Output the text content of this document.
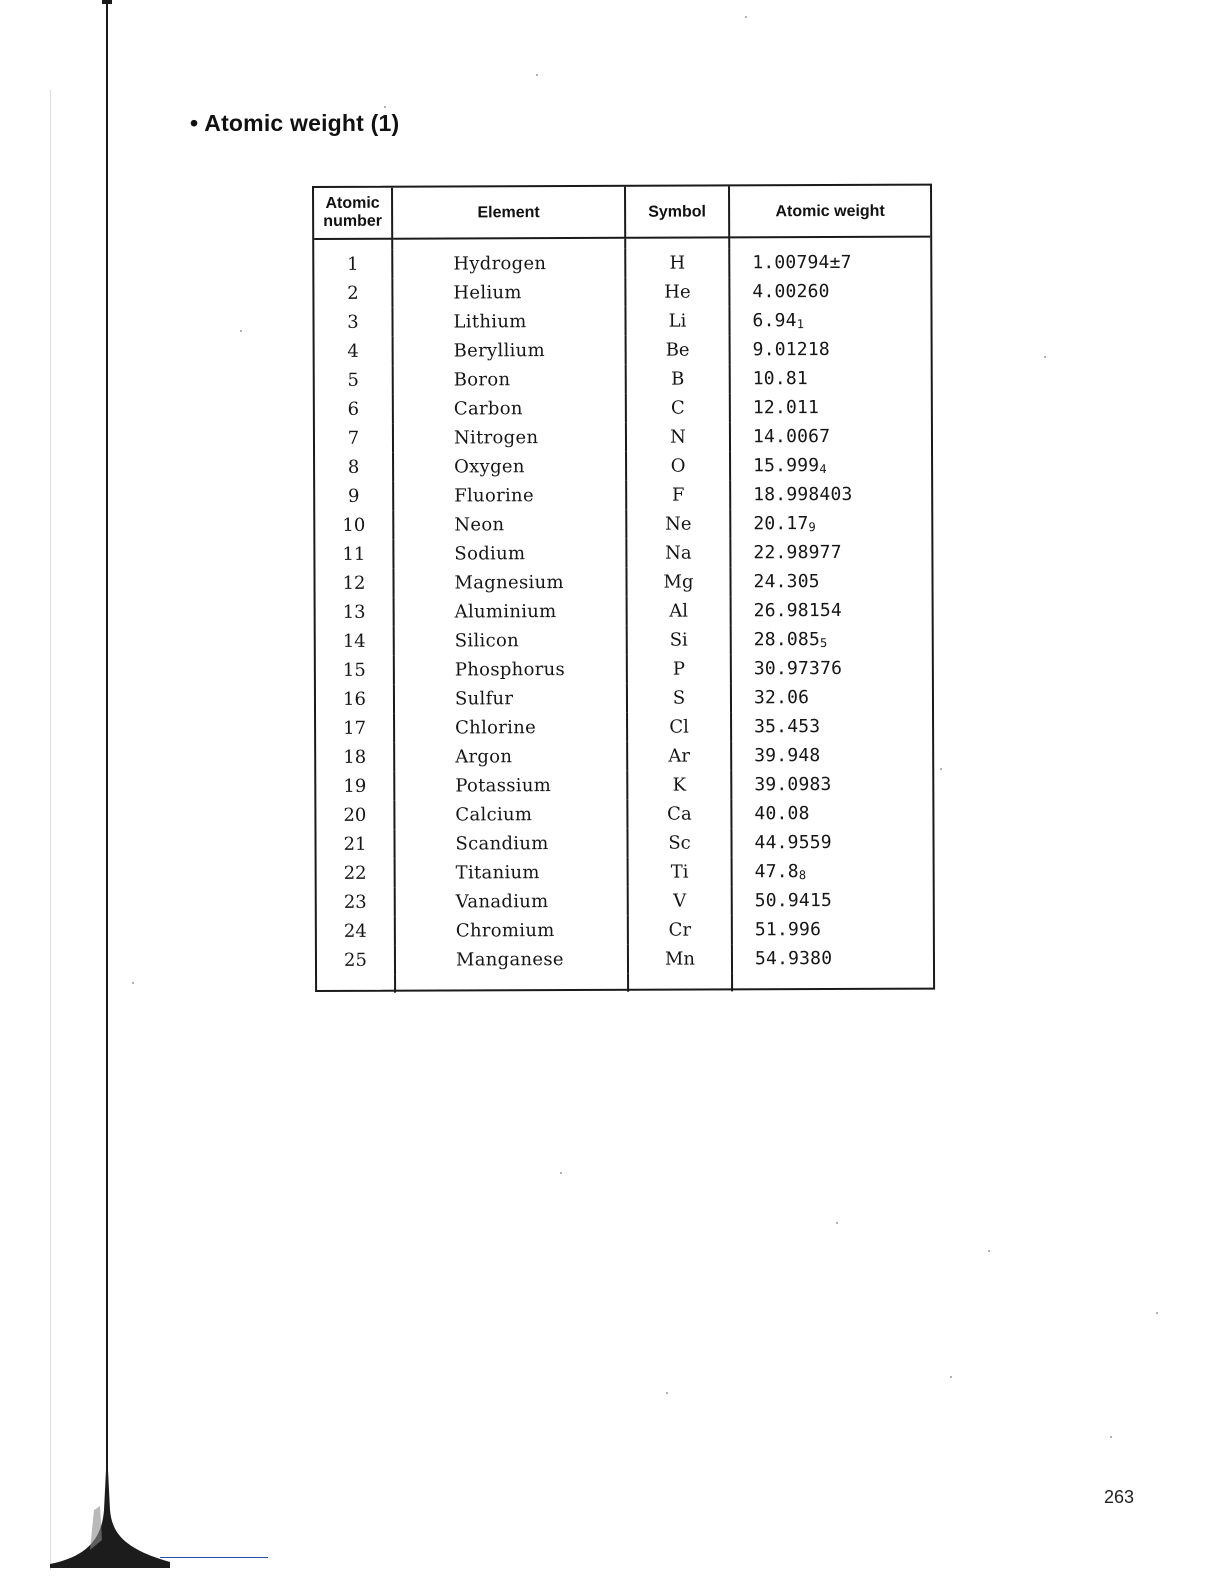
• Atomic weight (1)
Atomic
number	Element	Symbol	Atomic weight

1	Hydrogen	H	1.00794±7
2	Helium	He	4.00260
3	Lithium	Li	$6.94_1$
4	Beryllium	Be	9.01218
5	Boron	B	10.81
6	Carbon	C	12.011
7	Nitrogen	N	14.0067
8	Oxygen	O	$15.999_4$
9	Fluorine	F	18.998403
10	Neon	Ne	$20.17_9$
11	Sodium	Na	22.98977
12	Magnesium	Mg	24.305
13	Aluminium	Al	26.98154
14	Silicon	Si	$28.085_5$
15	Phosphorus	P	30.97376
16	Sulfur	S	32.06
17	Chlorine	Cl	35.453
18	Argon	Ar	39.948
19	Potassium	K	39.0983
20	Calcium	Ca	40.08
21	Scandium	Sc	44.9559
22	Titanium	Ti	$47.8_8$
23	Vanadium	V	50.9415
24	Chromium	Cr	51.996
25	Manganese	Mn	54.9380

263
